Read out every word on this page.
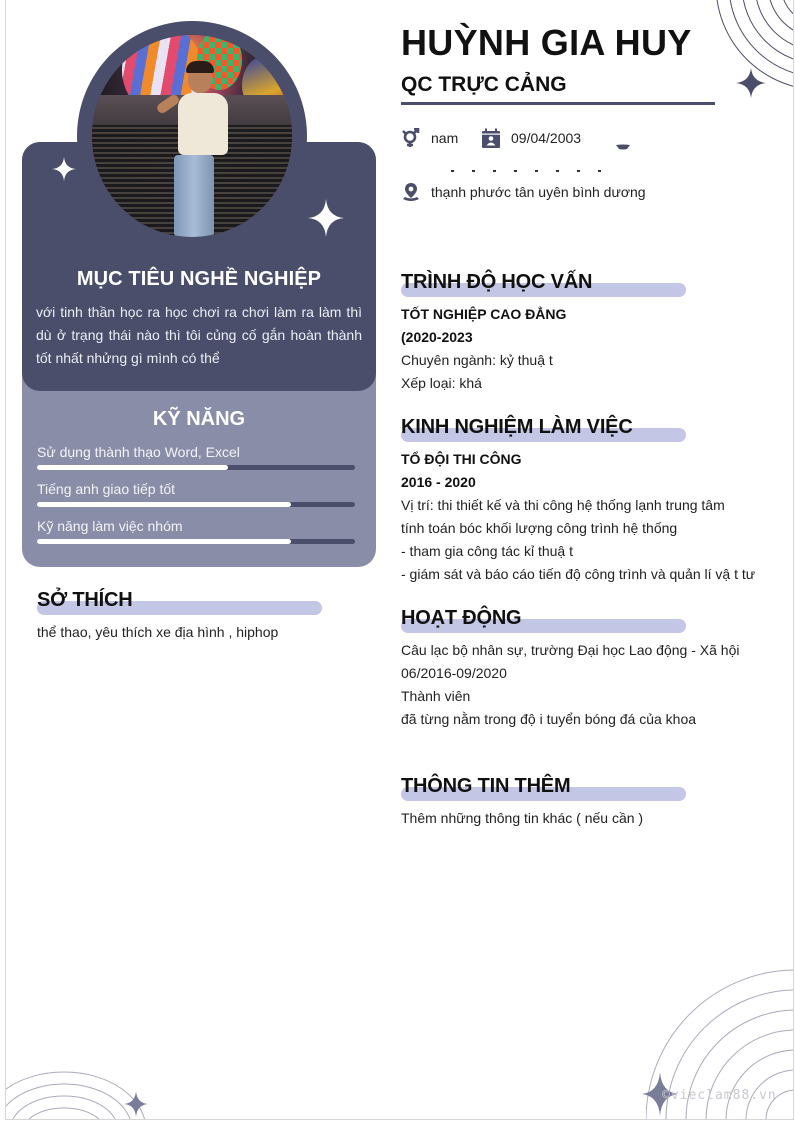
MỤC TIÊU NGHỀ NGHIỆP
với tinh thần học ra học chơi ra chơi làm ra làm thì dù ở trạng thái nào thì tôi củng cố gắn hoàn thành tốt nhất nhửng gì mình có thể
KỸ NĂNG
Sử dụng thành thạo Word, Excel
Tiếng anh giao tiếp tốt
Kỹ năng làm việc nhóm
SỞ THÍCH
thể thao, yêu thích xe địa hình , hiphop
HUỲNH GIA HUY
QC TRỰC CẢNG
nam	09/04/2003
thạnh phước tân uyên bình dương
TRÌNH ĐỘ HỌC VẤN
TỐT NGHIỆP CAO ĐẲNG
(2020-2023
Chuyên ngành: kỷ thuậ t
Xếp loại: khá
KINH NGHIỆM LÀM VIỆC
TỔ ĐỘI THI CÔNG
2016 - 2020
Vị trí: thi thiết kế và thi công hệ thống lạnh trung tâm
tính toán bóc khối lượng công trình hệ thống
- tham gia công tác kỉ thuậ t
- giám sát và báo cáo tiến độ công trình và quản lí vậ t tư
HOẠT ĐỘNG
Câu lạc bộ nhân sự, trường Đại học Lao động - Xã hội
06/2016-09/2020
Thành viên
đã từng nằm trong độ i tuyển bóng đá của khoa
THÔNG TIN THÊM
Thêm những thông tin khác ( nếu cần )
©vieclam88.vn
